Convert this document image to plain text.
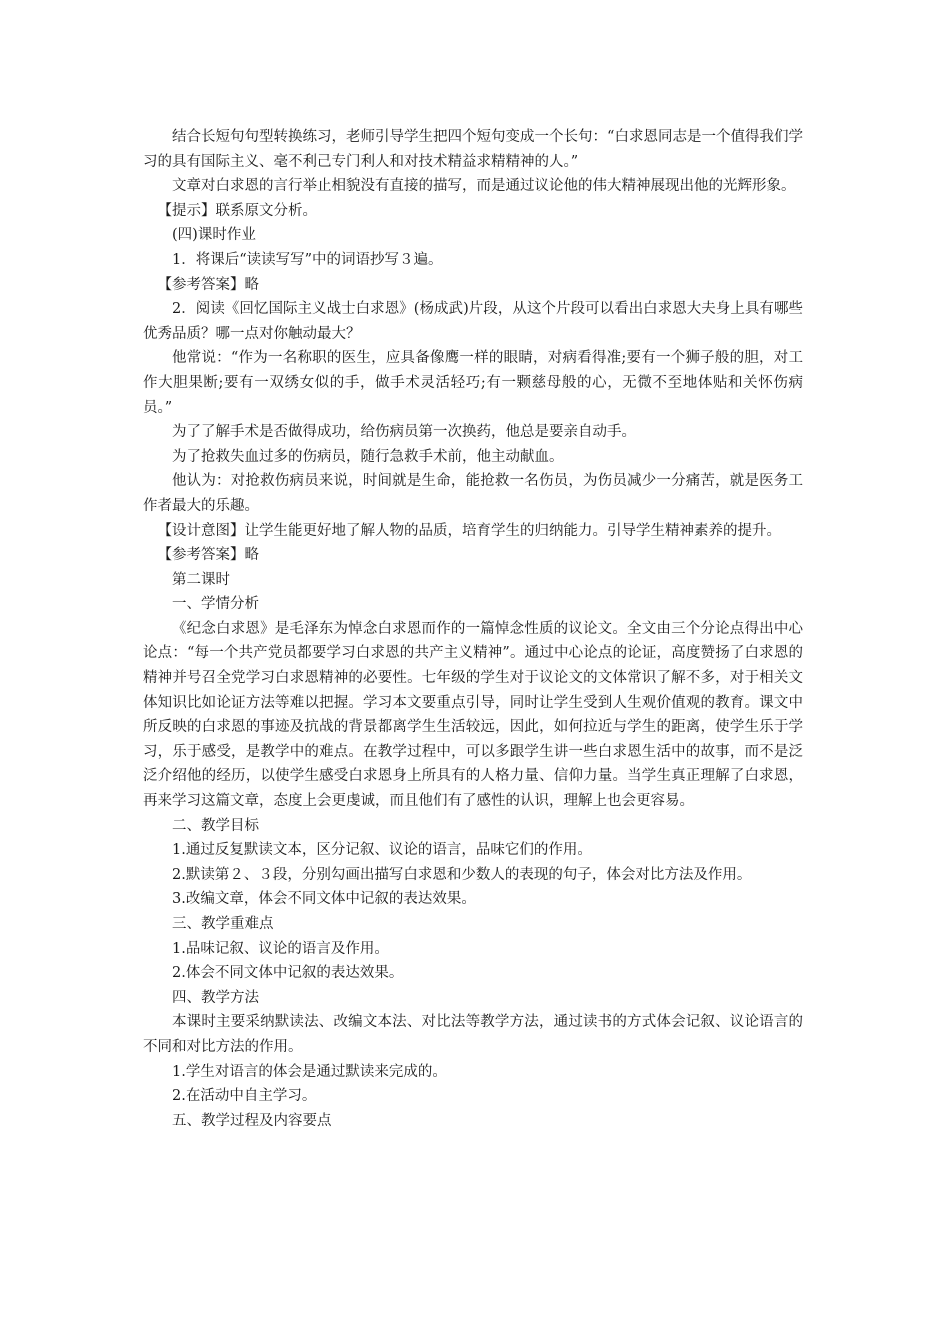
结合长短句句型转换练习，老师引导学生把四个短句变成一个长句：“白求恩同志是一个值得我们学习的具有国际主义、毫不利己专门利人和对技术精益求精精神的人。”

文章对白求恩的言行举止相貌没有直接的描写，而是通过议论他的伟大精神展现出他的光辉形象。

【提示】联系原文分析。

(四)课时作业

1．将课后“读读写写”中的词语抄写３遍。

【参考答案】略

2．阅读《回忆国际主义战士白求恩》(杨成武)片段，从这个片段可以看出白求恩大夫身上具有哪些优秀品质？哪一点对你触动最大？

他常说：“作为一名称职的医生，应具备像鹰一样的眼睛，对病看得准;要有一个狮子般的胆，对工作大胆果断;要有一双绣女似的手，做手术灵活轻巧;有一颗慈母般的心，无微不至地体贴和关怀伤病员。”

为了了解手术是否做得成功，给伤病员第一次换药，他总是要亲自动手。

为了抢救失血过多的伤病员，随行急救手术前，他主动献血。

他认为：对抢救伤病员来说，时间就是生命，能抢救一名伤员，为伤员减少一分痛苦，就是医务工作者最大的乐趣。

【设计意图】让学生能更好地了解人物的品质，培育学生的归纳能力。引导学生精神素养的提升。

【参考答案】略

第二课时

一、学情分析

《纪念白求恩》是毛泽东为悼念白求恩而作的一篇悼念性质的议论文。全文由三个分论点得出中心论点：“每一个共产党员都要学习白求恩的共产主义精神”。通过中心论点的论证，高度赞扬了白求恩的精神并号召全党学习白求恩精神的必要性。七年级的学生对于议论文的文体常识了解不多，对于相关文体知识比如论证方法等难以把握。学习本文要重点引导，同时让学生受到人生观价值观的教育。课文中所反映的白求恩的事迹及抗战的背景都离学生生活较远，因此，如何拉近与学生的距离，使学生乐于学习，乐于感受，是教学中的难点。在教学过程中，可以多跟学生讲一些白求恩生活中的故事，而不是泛泛介绍他的经历，以使学生感受白求恩身上所具有的人格力量、信仰力量。当学生真正理解了白求恩，再来学习这篇文章，态度上会更虔诚，而且他们有了感性的认识，理解上也会更容易。

二、教学目标

1.通过反复默读文本，区分记叙、议论的语言，品味它们的作用。

2.默读第２、３段，分别勾画出描写白求恩和少数人的表现的句子，体会对比方法及作用。

3.改编文章，体会不同文体中记叙的表达效果。

三、教学重难点

1.品味记叙、议论的语言及作用。

2.体会不同文体中记叙的表达效果。

四、教学方法

本课时主要采纳默读法、改编文本法、对比法等教学方法，通过读书的方式体会记叙、议论语言的不同和对比方法的作用。

1.学生对语言的体会是通过默读来完成的。

2.在活动中自主学习。

五、教学过程及内容要点
